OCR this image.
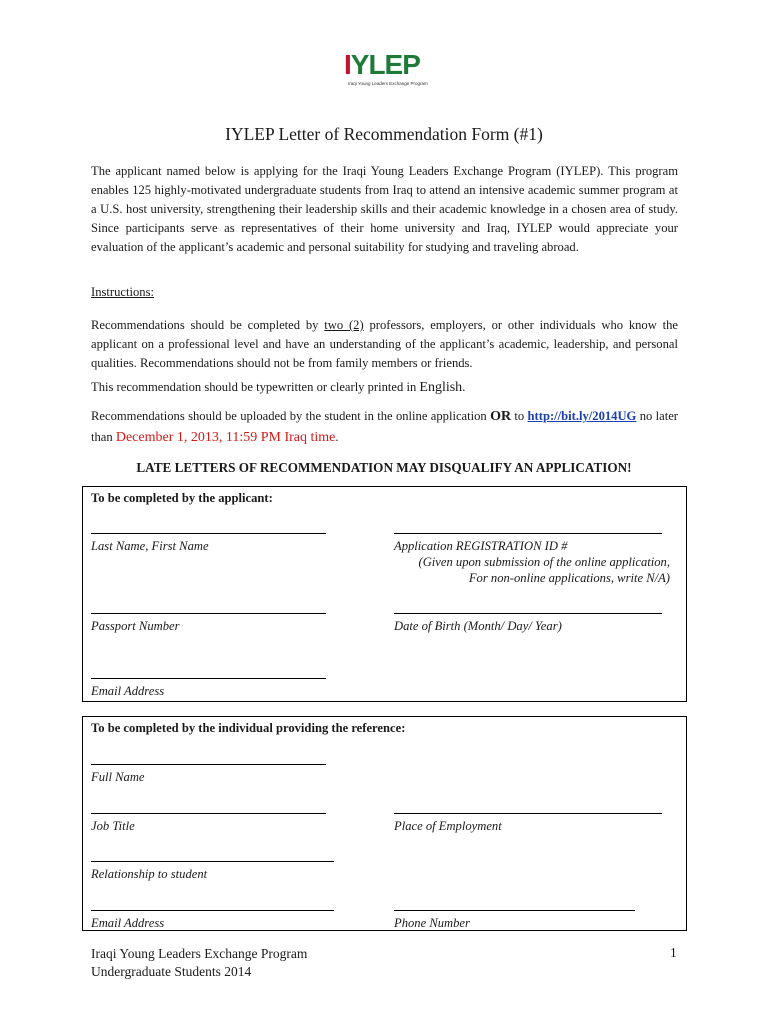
IYLEP
Iraqi Young Leaders Exchange Program
IYLEP Letter of Recommendation Form (#1)

The applicant named below is applying for the Iraqi Young Leaders Exchange Program (IYLEP). This program enables 125 highly-motivated undergraduate students from Iraq to attend an intensive academic summer program at a U.S. host university, strengthening their leadership skills and their academic knowledge in a chosen area of study. Since participants serve as representatives of their home university and Iraq, IYLEP would appreciate your evaluation of the applicant’s academic and personal suitability for studying and traveling abroad.

Instructions:

Recommendations should be completed by two (2) professors, employers, or other individuals who know the applicant on a professional level and have an understanding of the applicant’s academic, leadership, and personal qualities. Recommendations should not be from family members or friends.

This recommendation should be typewritten or clearly printed in English.

Recommendations should be uploaded by the student in the online application OR to http://bit.ly/2014UG no later than December 1, 2013, 11:59 PM Iraq time.

LATE LETTERS OF RECOMMENDATION MAY DISQUALIFY AN APPLICATION!
To be completed by the applicant:
Last Name, First Name	Application REGISTRATION ID #
(Given upon submission of the online application,
For non-online applications, write N/A)
Passport Number	Date of Birth (Month/ Day/ Year)
Email Address
To be completed by the individual providing the reference:
Full Name
Job Title	Place of Employment
Relationship to student
Email Address	Phone Number
Iraqi Young Leaders Exchange Program
Undergraduate Students 2014
1
